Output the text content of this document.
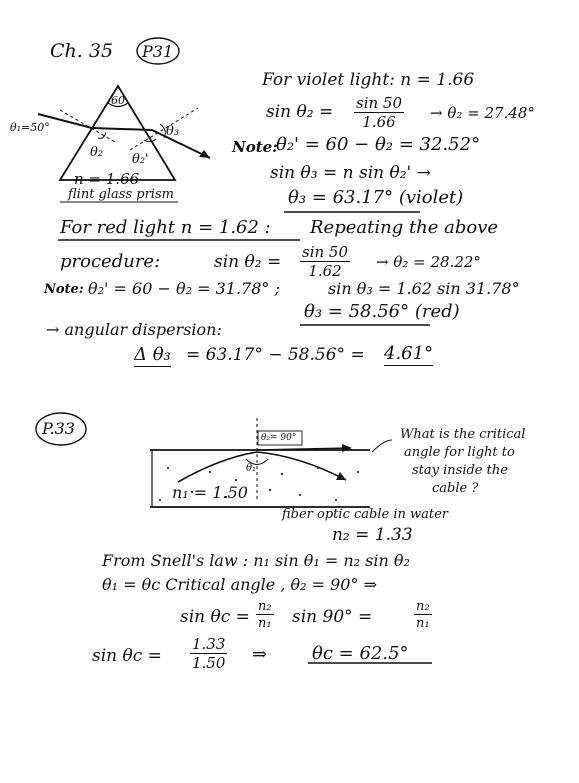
Ch. 35 P31
60
θ₁=50°
θ₂ θ₂'
θ₃
n = 1.66
flint glass prism
For violet light: n = 1.66
$\sin \theta_2 = \frac{\sin 50}{1.66} \to \theta_2 = 27.48^\circ$
Note:
θ₂' = 60 − θ₂ = 32.52°
sin θ₃ = n sin θ₂' →
θ₃ = 63.17° (violet)
For red light n = 1.62 : Repeating the above
procedure:	$\sin \theta_2 = \frac{\sin 50}{1.62} \to \theta_2 = 28.22^\circ$
Note: θ₂' = 60 − θ₂ = 31.78° ;	sin θ₃ = 1.62 sin 31.78°
θ₃ = 58.56° (red)
→ angular dispersion:
Δ θ₃ = 63.17° − 58.56° = 4.61°
P.33	What is the critical
angle for light to
stay inside the
cable ?
θ₂= 90°
θ₁
n₁ = 1.50
fiber optic cable in water
n₂ = 1.33
From Snell's law : n₁ sin θ₁ = n₂ sin θ₂
θ₁ = θc Critical angle , θ₂ = 90° ⇒
$\sin \theta c = \frac{\text{n₂}}{\text{n₁}}$ sin 90° =	$\frac{\text{n₂}}{\text{n₁}}$
$\sin \theta c = \frac{1.33}{1.50}$ ⇒ θc = 62.5°
